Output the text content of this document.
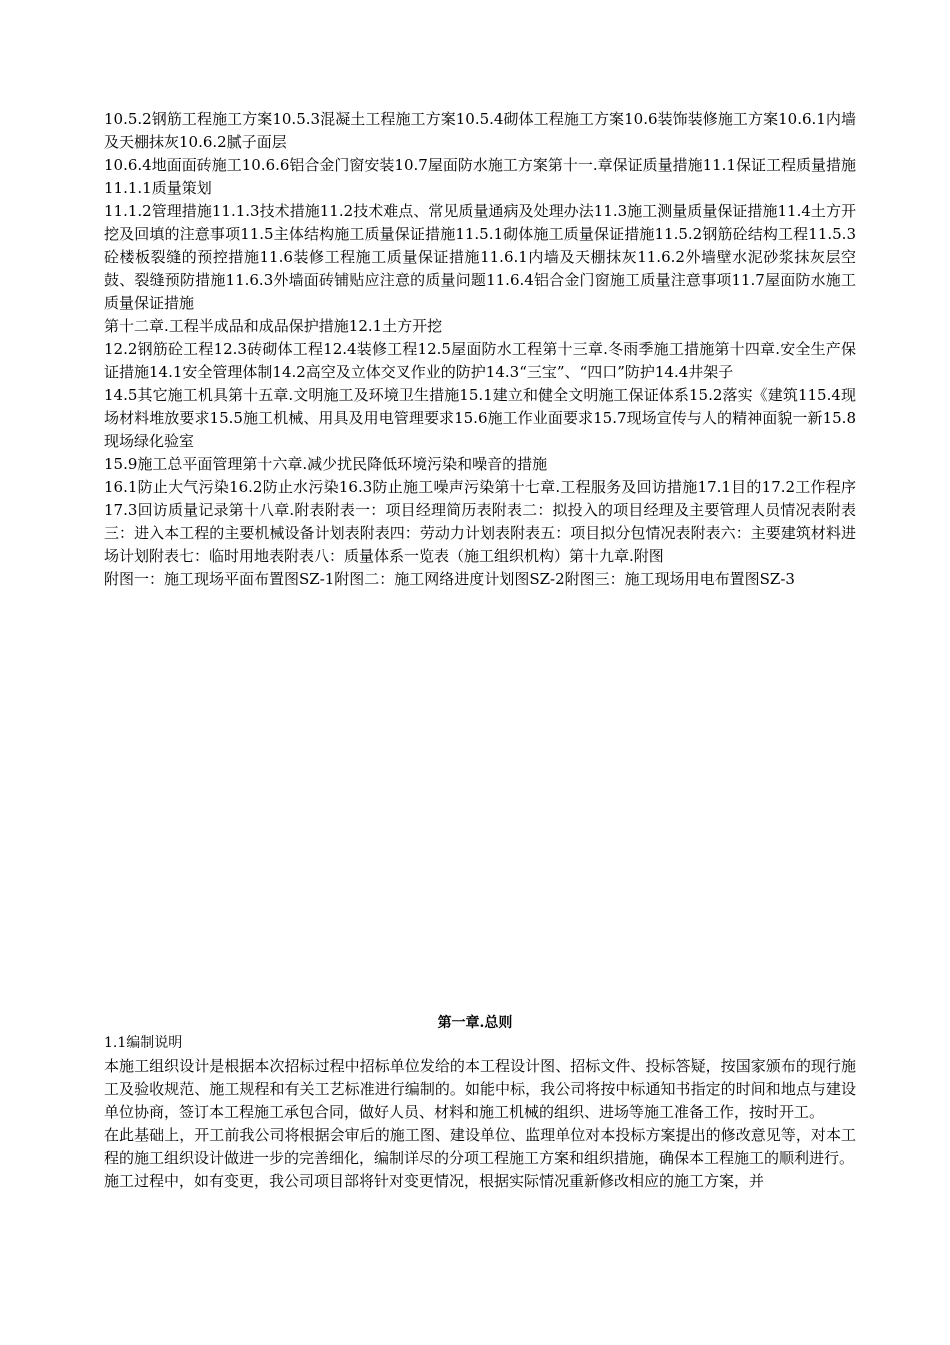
10.5.2钢筋工程施工方案10.5.3混凝土工程施工方案10.5.4砌体工程施工方案10.6装饰装修施工方案10.6.1内墙及天棚抹灰10.6.2腻子面层

10.6.4地面面砖施工10.6.6铝合金门窗安装10.7屋面防水施工方案第十一.章保证质量措施11.1保证工程质量措施11.1.1质量策划

11.1.2管理措施11.1.3技术措施11.2技术难点、常见质量通病及处理办法11.3施工测量质量保证措施11.4土方开挖及回填的注意事项11.5主体结构施工质量保证措施11.5.1砌体施工质量保证措施11.5.2钢筋砼结构工程11.5.3砼楼板裂缝的预控措施11.6装修工程施工质量保证措施11.6.1内墙及天棚抹灰11.6.2外墙壁水泥砂浆抹灰层空鼓、裂缝预防措施11.6.3外墙面砖铺贴应注意的质量问题11.6.4铝合金门窗施工质量注意事项11.7屋面防水施工质量保证措施

第十二章.工程半成品和成品保护措施12.1土方开挖

12.2钢筋砼工程12.3砖砌体工程12.4装修工程12.5屋面防水工程第十三章.冬雨季施工措施第十四章.安全生产保证措施14.1安全管理体制14.2高空及立体交叉作业的防护14.3“三宝”、“四口”防护14.4井架子

14.5其它施工机具第十五章.文明施工及环境卫生措施15.1建立和健全文明施工保证体系15.2落实《建筑115.4现场材料堆放要求15.5施工机械、用具及用电管理要求15.6施工作业面要求15.7现场宣传与人的精神面貌一新15.8现场绿化验室

15.9施工总平面管理第十六章.减少扰民降低环境污染和噪音的措施

16.1防止大气污染16.2防止水污染16.3防止施工噪声污染第十七章.工程服务及回访措施17.1目的17.2工作程序17.3回访质量记录第十八章.附表附表一：项目经理简历表附表二：拟投入的项目经理及主要管理人员情况表附表三：进入本工程的主要机械设备计划表附表四：劳动力计划表附表五：项目拟分包情况表附表六：主要建筑材料进场计划附表七：临时用地表附表八：质量体系一览表（施工组织机构）第十九章.附图

附图一：施工现场平面布置图SZ-1附图二：施工网络进度计划图SZ-2附图三：施工现场用电布置图SZ-3

第一章.总则

1.1编制说明

本施工组织设计是根据本次招标过程中招标单位发给的本工程设计图、招标文件、投标答疑，按国家颁布的现行施工及验收规范、施工规程和有关工艺标准进行编制的。如能中标，我公司将按中标通知书指定的时间和地点与建设单位协商，签订本工程施工承包合同，做好人员、材料和施工机械的组织、进场等施工准备工作，按时开工。

在此基础上，开工前我公司将根据会审后的施工图、建设单位、监理单位对本投标方案提出的修改意见等，对本工程的施工组织设计做进一步的完善细化，编制详尽的分项工程施工方案和组织措施，确保本工程施工的顺利进行。

施工过程中，如有变更，我公司项目部将针对变更情况，根据实际情况重新修改相应的施工方案，并
